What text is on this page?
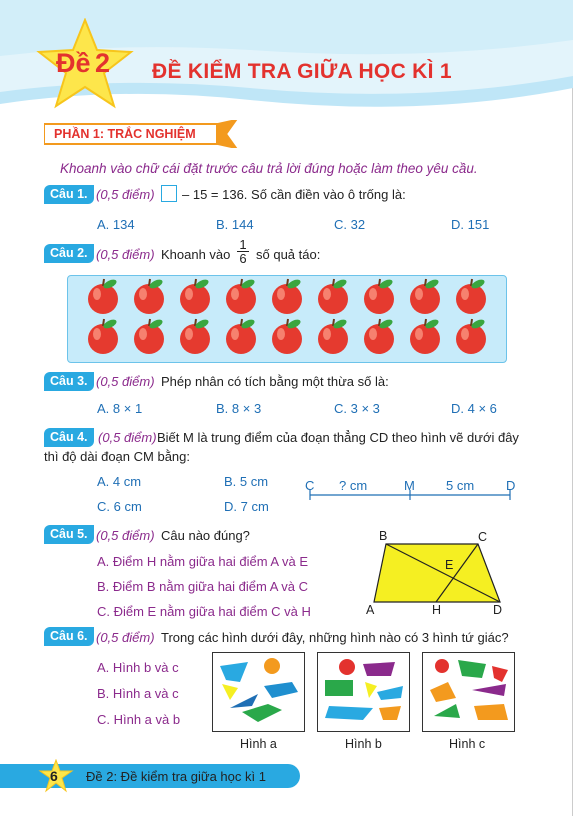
Đề 2	ĐỀ KIỂM TRA GIỮA HỌC KÌ 1
PHẦN 1: TRẮC NGHIỆM
Khoanh vào chữ cái đặt trước câu trả lời đúng hoặc làm theo yêu cầu.
Câu 1. (0,5 điểm) – 15 = 136. Số cần điền vào ô trống là:
A. 134	B. 144	C. 32	D. 151
Câu 2. (0,5 điểm) Khoanh vào $\frac{1}{6}$ số quả táo:
Câu 3. (0,5 điểm) Phép nhân có tích bằng một thừa số là:
A. 8 × 1	B. 8 × 3	C. 3 × 3	D. 4 × 6
Câu 4. (0,5 điểm) Biết M là trung điểm của đoạn thẳng CD theo hình vẽ dưới đây
thì độ dài đoạn CM bằng:
A. 4 cm	B. 5 cm
C. 6 cm	D. 7 cm
C ? cm	M 5 cm D
Câu 5. (0,5 điểm) Câu nào đúng?
A. Điểm H nằm giữa hai điểm A và E
B. Điểm B nằm giữa hai điểm A và C
C. Điểm E nằm giữa hai điểm C và H
B	C
E
A	H	D
Câu 6. (0,5 điểm) Trong các hình dưới đây, những hình nào có 3 hình tứ giác?
A. Hình b và c
B. Hình a và c
C. Hình a và b
Hình a	Hình b	Hình c
6 Đề 2: Đề kiểm tra giữa học kì 1
